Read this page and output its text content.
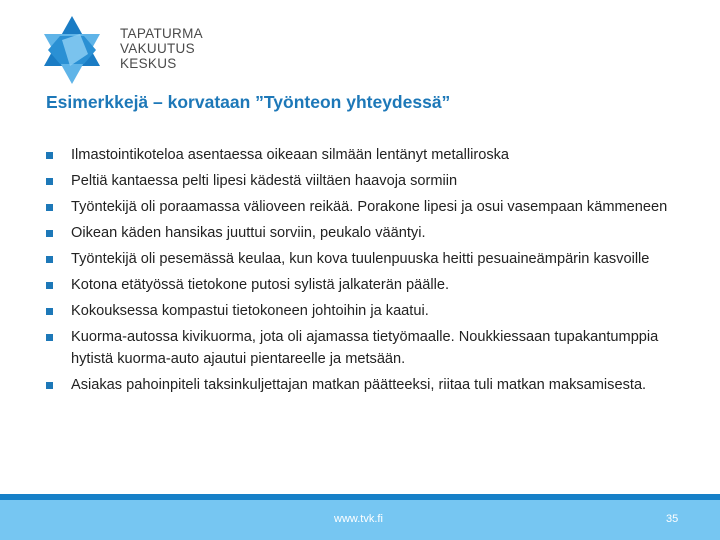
TAPATURMA
VAKUUTUS
KESKUS
Esimerkkejä – korvataan ”Työnteon yhteydessä”
Ilmastointikoteloa asentaessa oikeaan silmään lentänyt metalliroska
Peltiä kantaessa pelti lipesi kädestä viiltäen haavoja sormiin
Työntekijä oli poraamassa välioveen reikää. Porakone lipesi ja osui vasempaan kämmeneen
Oikean käden hansikas juuttui sorviin, peukalo vääntyi.
Työntekijä oli pesemässä keulaa, kun kova tuulenpuuska heitti pesuaineämpärin kasvoille
Kotona etätyössä tietokone putosi sylistä jalkaterän päälle.
Kokouksessa kompastui tietokoneen johtoihin ja kaatui.
Kuorma-autossa kivikuorma, jota oli ajamassa tietyömaalle. Noukkiessaan tupakantumppia hytistä kuorma-auto ajautui pientareelle ja metsään.
Asiakas pahoinpiteli taksinkuljettajan matkan päätteeksi, riitaa tuli matkan maksamisesta.
www.tvk.fi	35
